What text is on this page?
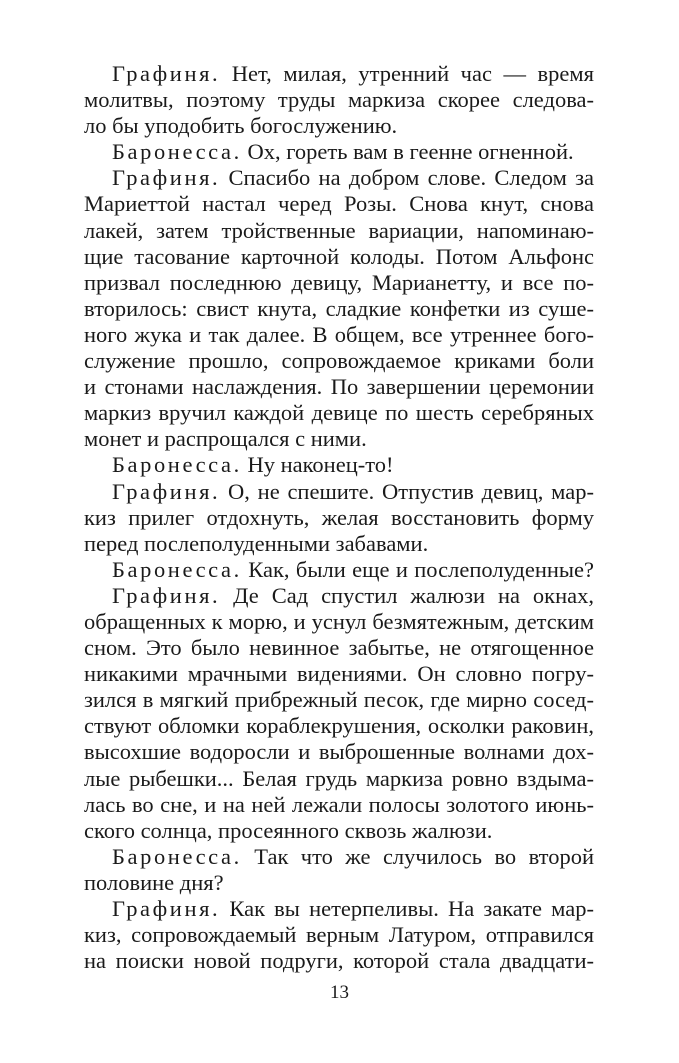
Графиня. Нет, милая, утренний час — время
молитвы, поэтому труды маркиза скорее следова-
ло бы уподобить богослужению.
Баронесса. Ох, гореть вам в геенне огненной.
Графиня. Спасибо на добром слове. Следом за
Мариеттой настал черед Розы. Снова кнут, снова
лакей, затем тройственные вариации, напоминаю-
щие тасование карточной колоды. Потом Альфонс
призвал последнюю девицу, Марианетту, и все по-
вторилось: свист кнута, сладкие конфетки из суше-
ного жука и так далее. В общем, все утреннее бого-
служение прошло, сопровождаемое криками боли
и стонами наслаждения. По завершении церемонии
маркиз вручил каждой девице по шесть серебряных
монет и распрощался с ними.
Баронесса. Ну наконец-то!
Графиня. О, не спешите. Отпустив девиц, мар-
киз прилег отдохнуть, желая восстановить форму
перед послеполуденными забавами.
Баронесса. Как, были еще и послеполуденные?
Графиня. Де Сад спустил жалюзи на окнах,
обращенных к морю, и уснул безмятежным, детским
сном. Это было невинное забытье, не отягощенное
никакими мрачными видениями. Он словно погру-
зился в мягкий прибрежный песок, где мирно сосед-
ствуют обломки кораблекрушения, осколки раковин,
высохшие водоросли и выброшенные волнами дох-
лые рыбешки... Белая грудь маркиза ровно вздыма-
лась во сне, и на ней лежали полосы золотого июнь-
ского солнца, просеянного сквозь жалюзи.
Баронесса. Так что же случилось во второй
половине дня?
Графиня. Как вы нетерпеливы. На закате мар-
киз, сопровождаемый верным Латуром, отправился
на поиски новой подруги, которой стала двадцати-
13
